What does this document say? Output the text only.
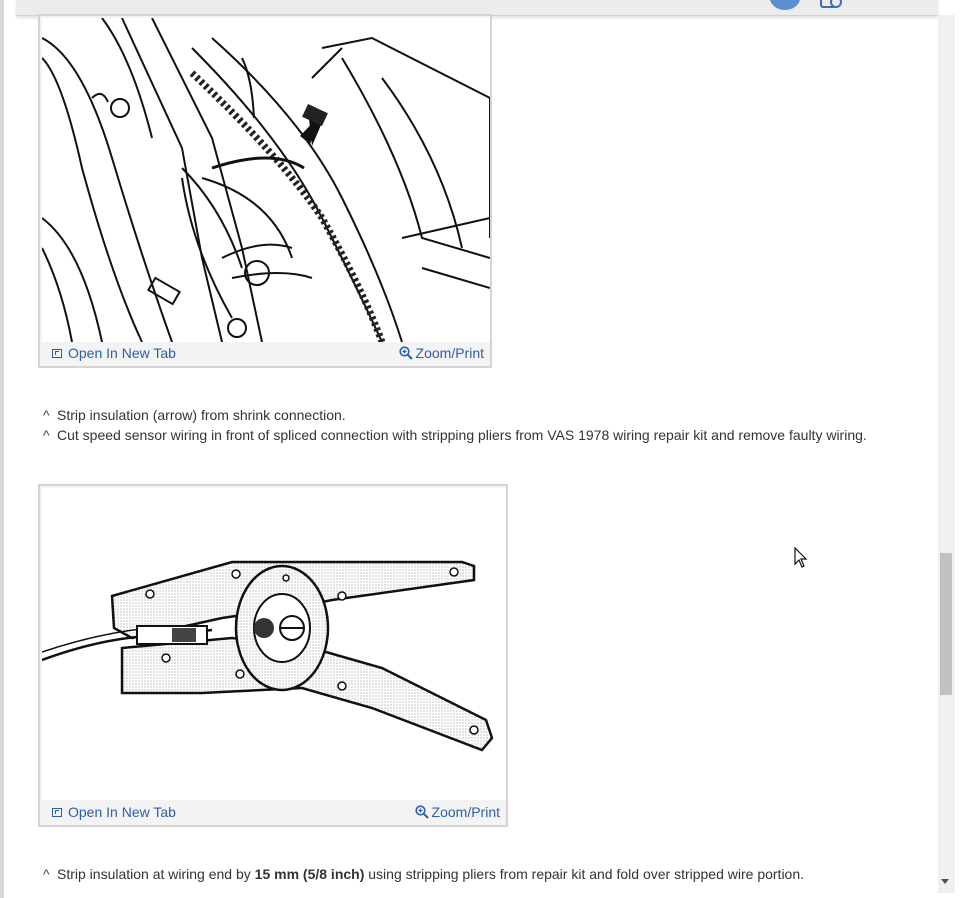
Open In New Tab	Zoom/Print
^ Strip insulation (arrow) from shrink connection.
^ Cut speed sensor wiring in front of spliced connection with stripping pliers from VAS 1978 wiring repair kit and remove faulty wiring.
Open In New Tab	Zoom/Print
^ Strip insulation at wiring end by 15 mm (5/8 inch) using stripping pliers from repair kit and fold over stripped wire portion.
